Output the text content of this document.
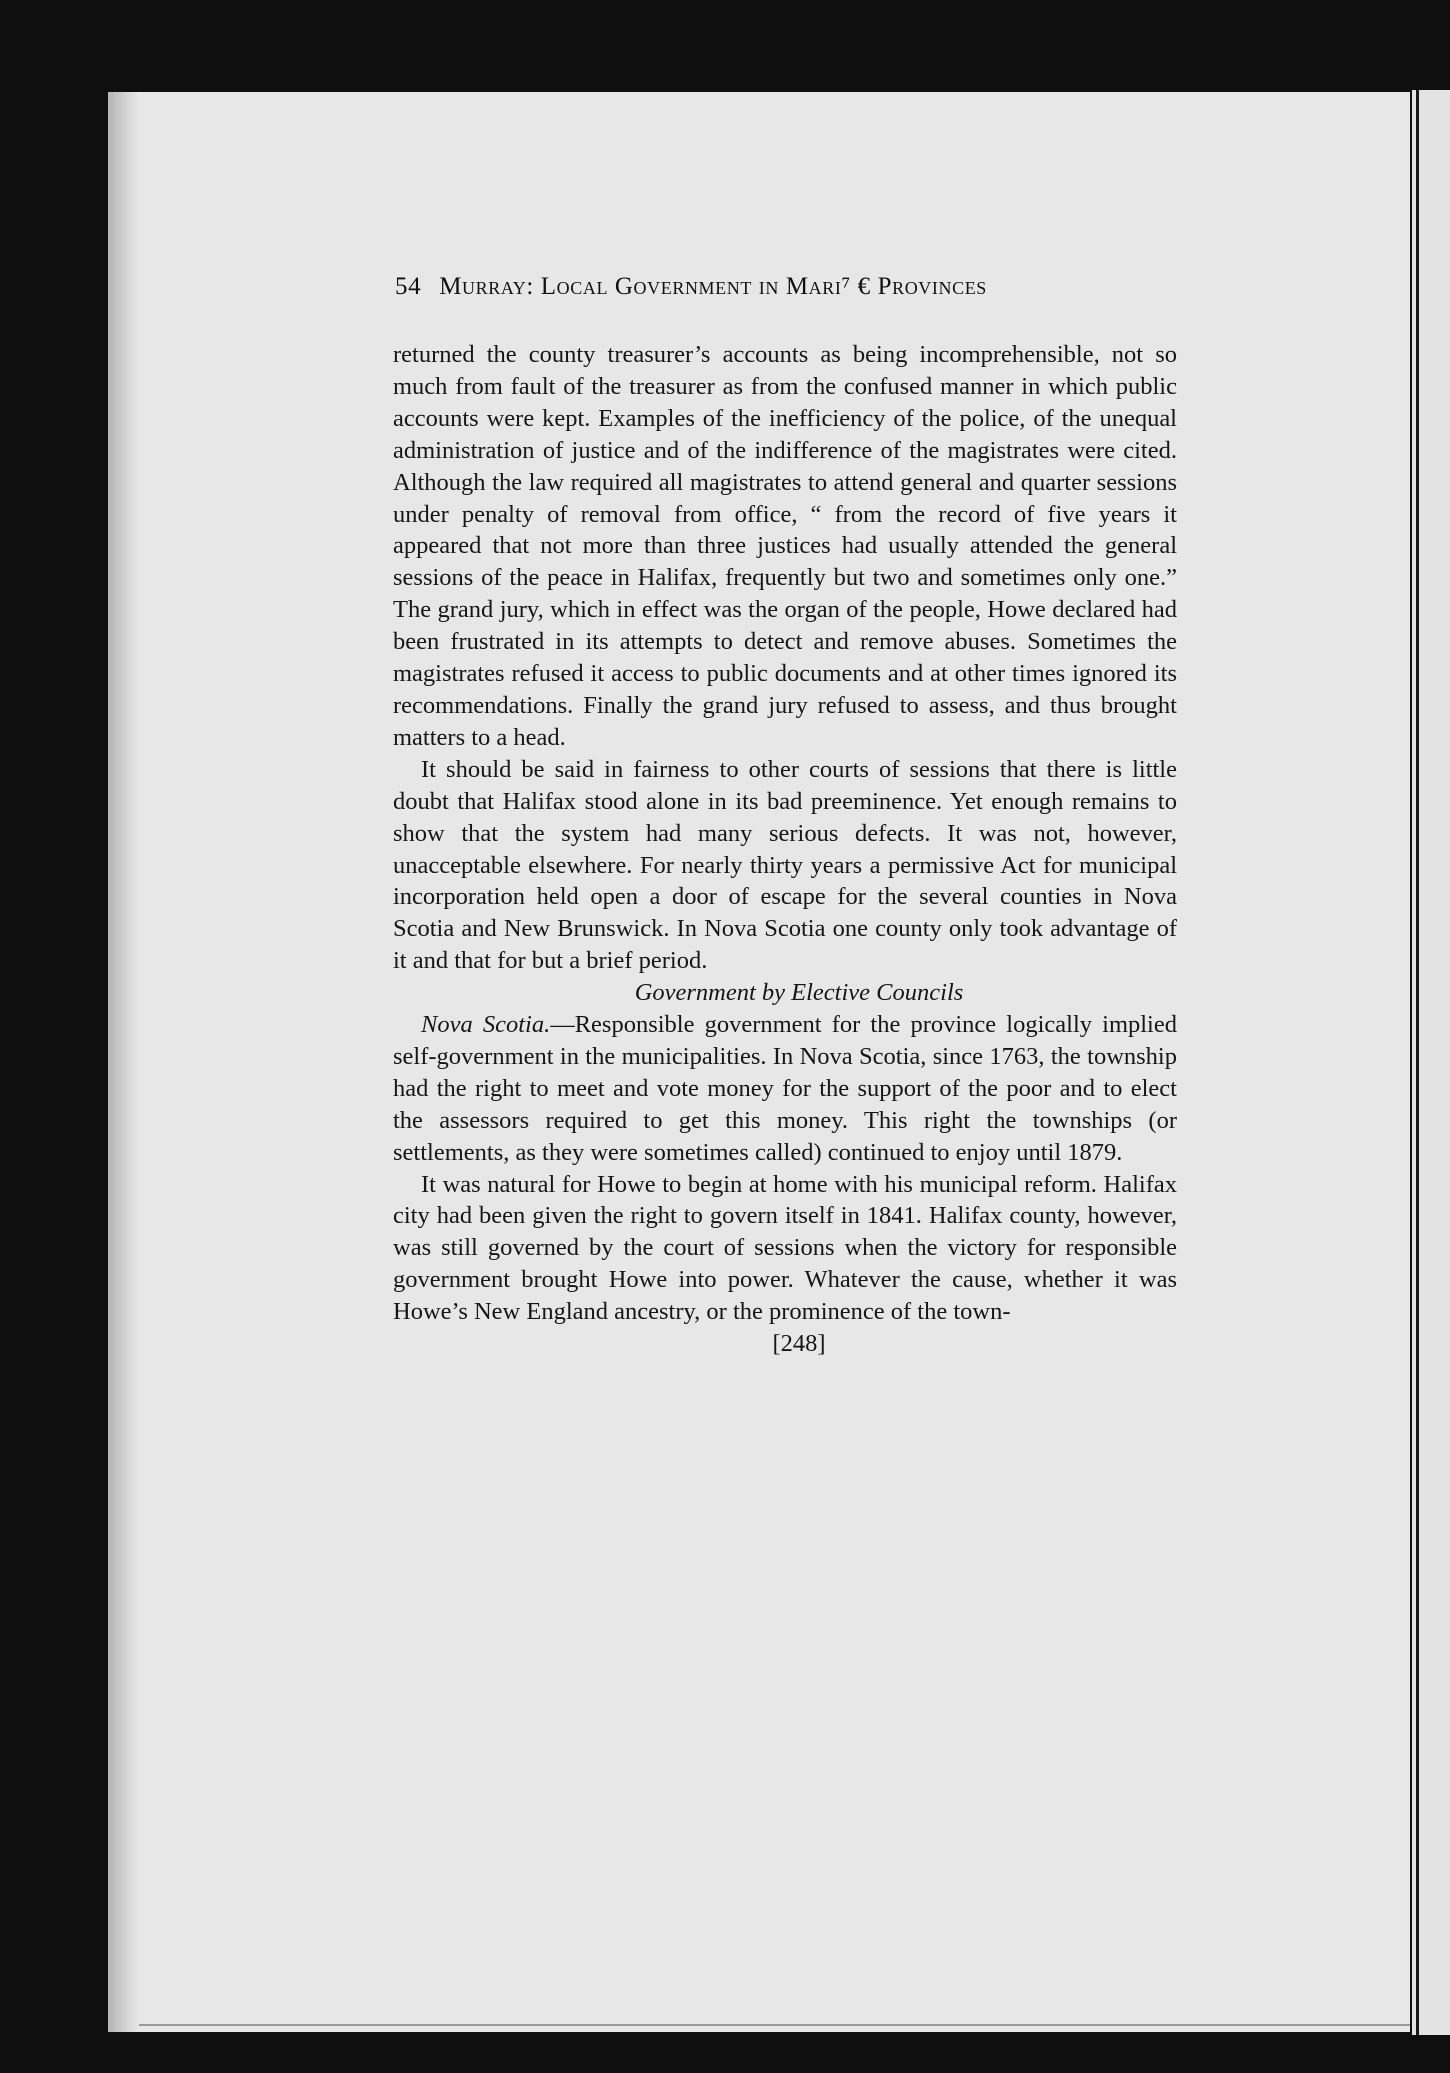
54 Murray: Local Government in Mari⁷ € Provinces

returned the county treasurer’s accounts as being incomprehensible, not so much from fault of the treasurer as from the confused manner in which public accounts were kept. Examples of the inefficiency of the police, of the unequal administration of justice and of the indifference of the magistrates were cited. Although the law required all magistrates to attend general and quarter sessions under penalty of removal from office, “ from the record of five years it appeared that not more than three justices had usually attended the general sessions of the peace in Halifax, frequently but two and sometimes only one.” The grand jury, which in effect was the organ of the people, Howe declared had been frustrated in its attempts to detect and remove abuses. Sometimes the magistrates refused it access to public documents and at other times ignored its recommendations. Finally the grand jury refused to assess, and thus brought matters to a head.

It should be said in fairness to other courts of sessions that there is little doubt that Halifax stood alone in its bad preeminence. Yet enough remains to show that the system had many serious defects. It was not, however, unacceptable elsewhere. For nearly thirty years a permissive Act for municipal incorporation held open a door of escape for the several counties in Nova Scotia and New Brunswick. In Nova Scotia one county only took advantage of it and that for but a brief period.

Government by Elective Councils

Nova Scotia.—Responsible government for the province logically implied self-government in the municipalities. In Nova Scotia, since 1763, the township had the right to meet and vote money for the support of the poor and to elect the assessors required to get this money. This right the townships (or settlements, as they were sometimes called) continued to enjoy until 1879.

It was natural for Howe to begin at home with his municipal reform. Halifax city had been given the right to govern itself in 1841. Halifax county, however, was still governed by the court of sessions when the victory for responsible government brought Howe into power. Whatever the cause, whether it was Howe’s New England ancestry, or the prominence of the town-

[248]
